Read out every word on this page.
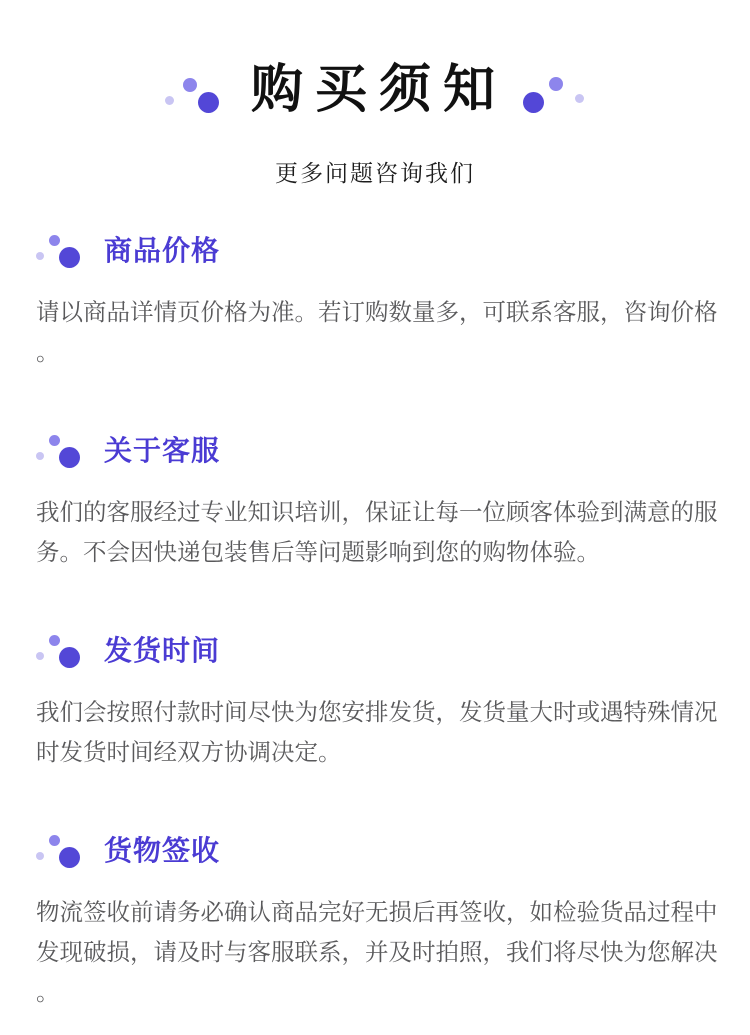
购买须知
更多问题咨询我们
商品价格

请以商品详情页价格为准。若订购数量多，可联系客服，咨询价格。

关于客服

我们的客服经过专业知识培训，保证让每一位顾客体验到满意的服务。不会因快递包装售后等问题影响到您的购物体验。

发货时间

我们会按照付款时间尽快为您安排发货，发货量大时或遇特殊情况时发货时间经双方协调决定。

货物签收

物流签收前请务必确认商品完好无损后再签收，如检验货品过程中发现破损，请及时与客服联系，并及时拍照，我们将尽快为您解决。
